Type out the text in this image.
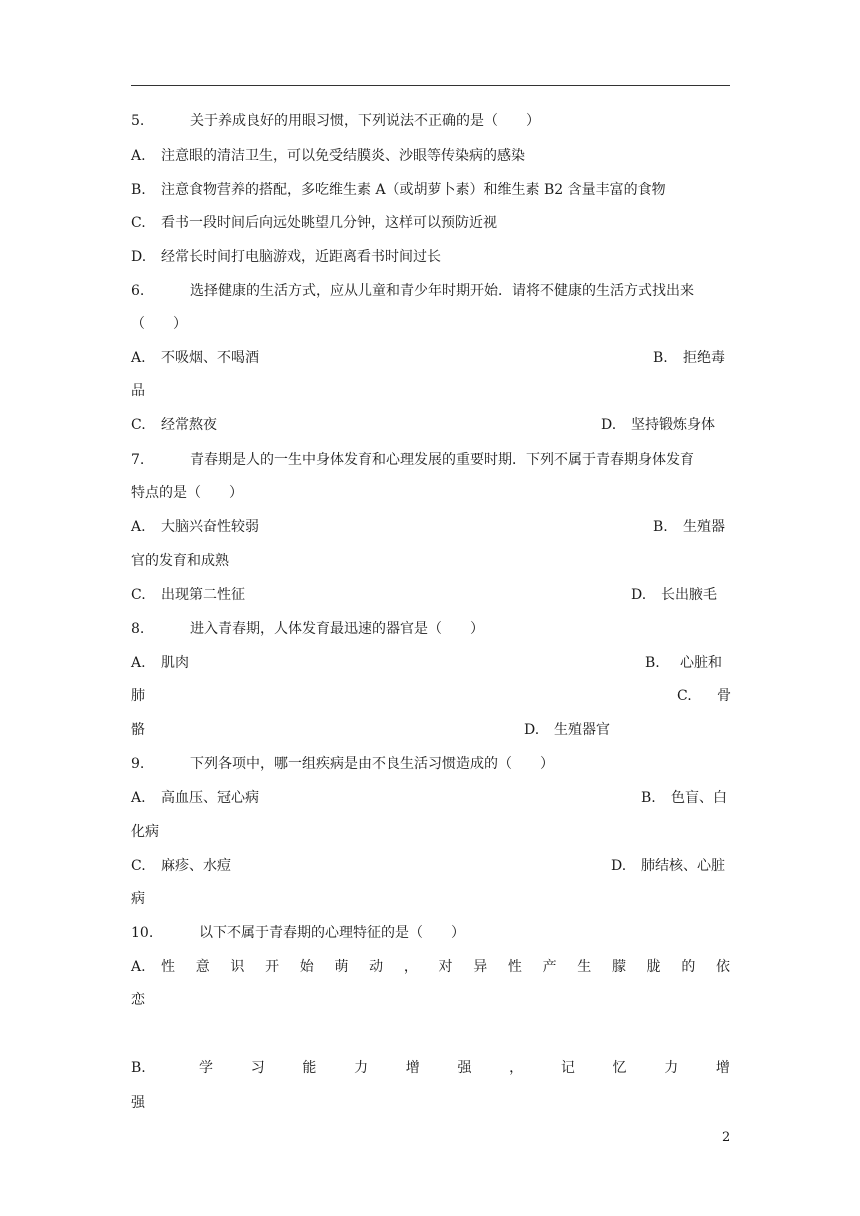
5.	关于养成良好的用眼习惯，下列说法不正确的是（　　）
A. 注意眼的清洁卫生，可以免受结膜炎、沙眼等传染病的感染
B. 注意食物营养的搭配，多吃维生素 A（或胡萝卜素）和维生素 B2 含量丰富的食物
C. 看书一段时间后向远处眺望几分钟，这样可以预防近视
D. 经常长时间打电脑游戏，近距离看书时间过长
6.	选择健康的生活方式，应从儿童和青少年时期开始．请将不健康的生活方式找出来
（　　）
A. 不吸烟、不喝酒	B. 拒绝毒
品
C. 经常熬夜	D. 坚持锻炼身体
7.	青春期是人的一生中身体发育和心理发展的重要时期．下列不属于青春期身体发育
特点的是（　　）
A. 大脑兴奋性较弱	B. 生殖器
官的发育和成熟
C. 出现第二性征	D. 长出腋毛
8.	进入青春期，人体发育最迅速的器官是（　　）
A. 肌肉	B. 心脏和
肺	C. 骨
骼	D. 生殖器官
9.	下列各项中，哪一组疾病是由不良生活习惯造成的（　　）
A. 高血压、冠心病	B. 色盲、白
化病
C. 麻疹、水痘	D. 肺结核、心脏
病
10.	以下不属于青春期的心理特征的是（　　）
A. 性 意 识 开 始 萌 动 ， 对 异 性 产 生 朦 胧 的 依
恋
B.	学	习	能	力	增	强	，	记	忆	力	增
强
2
